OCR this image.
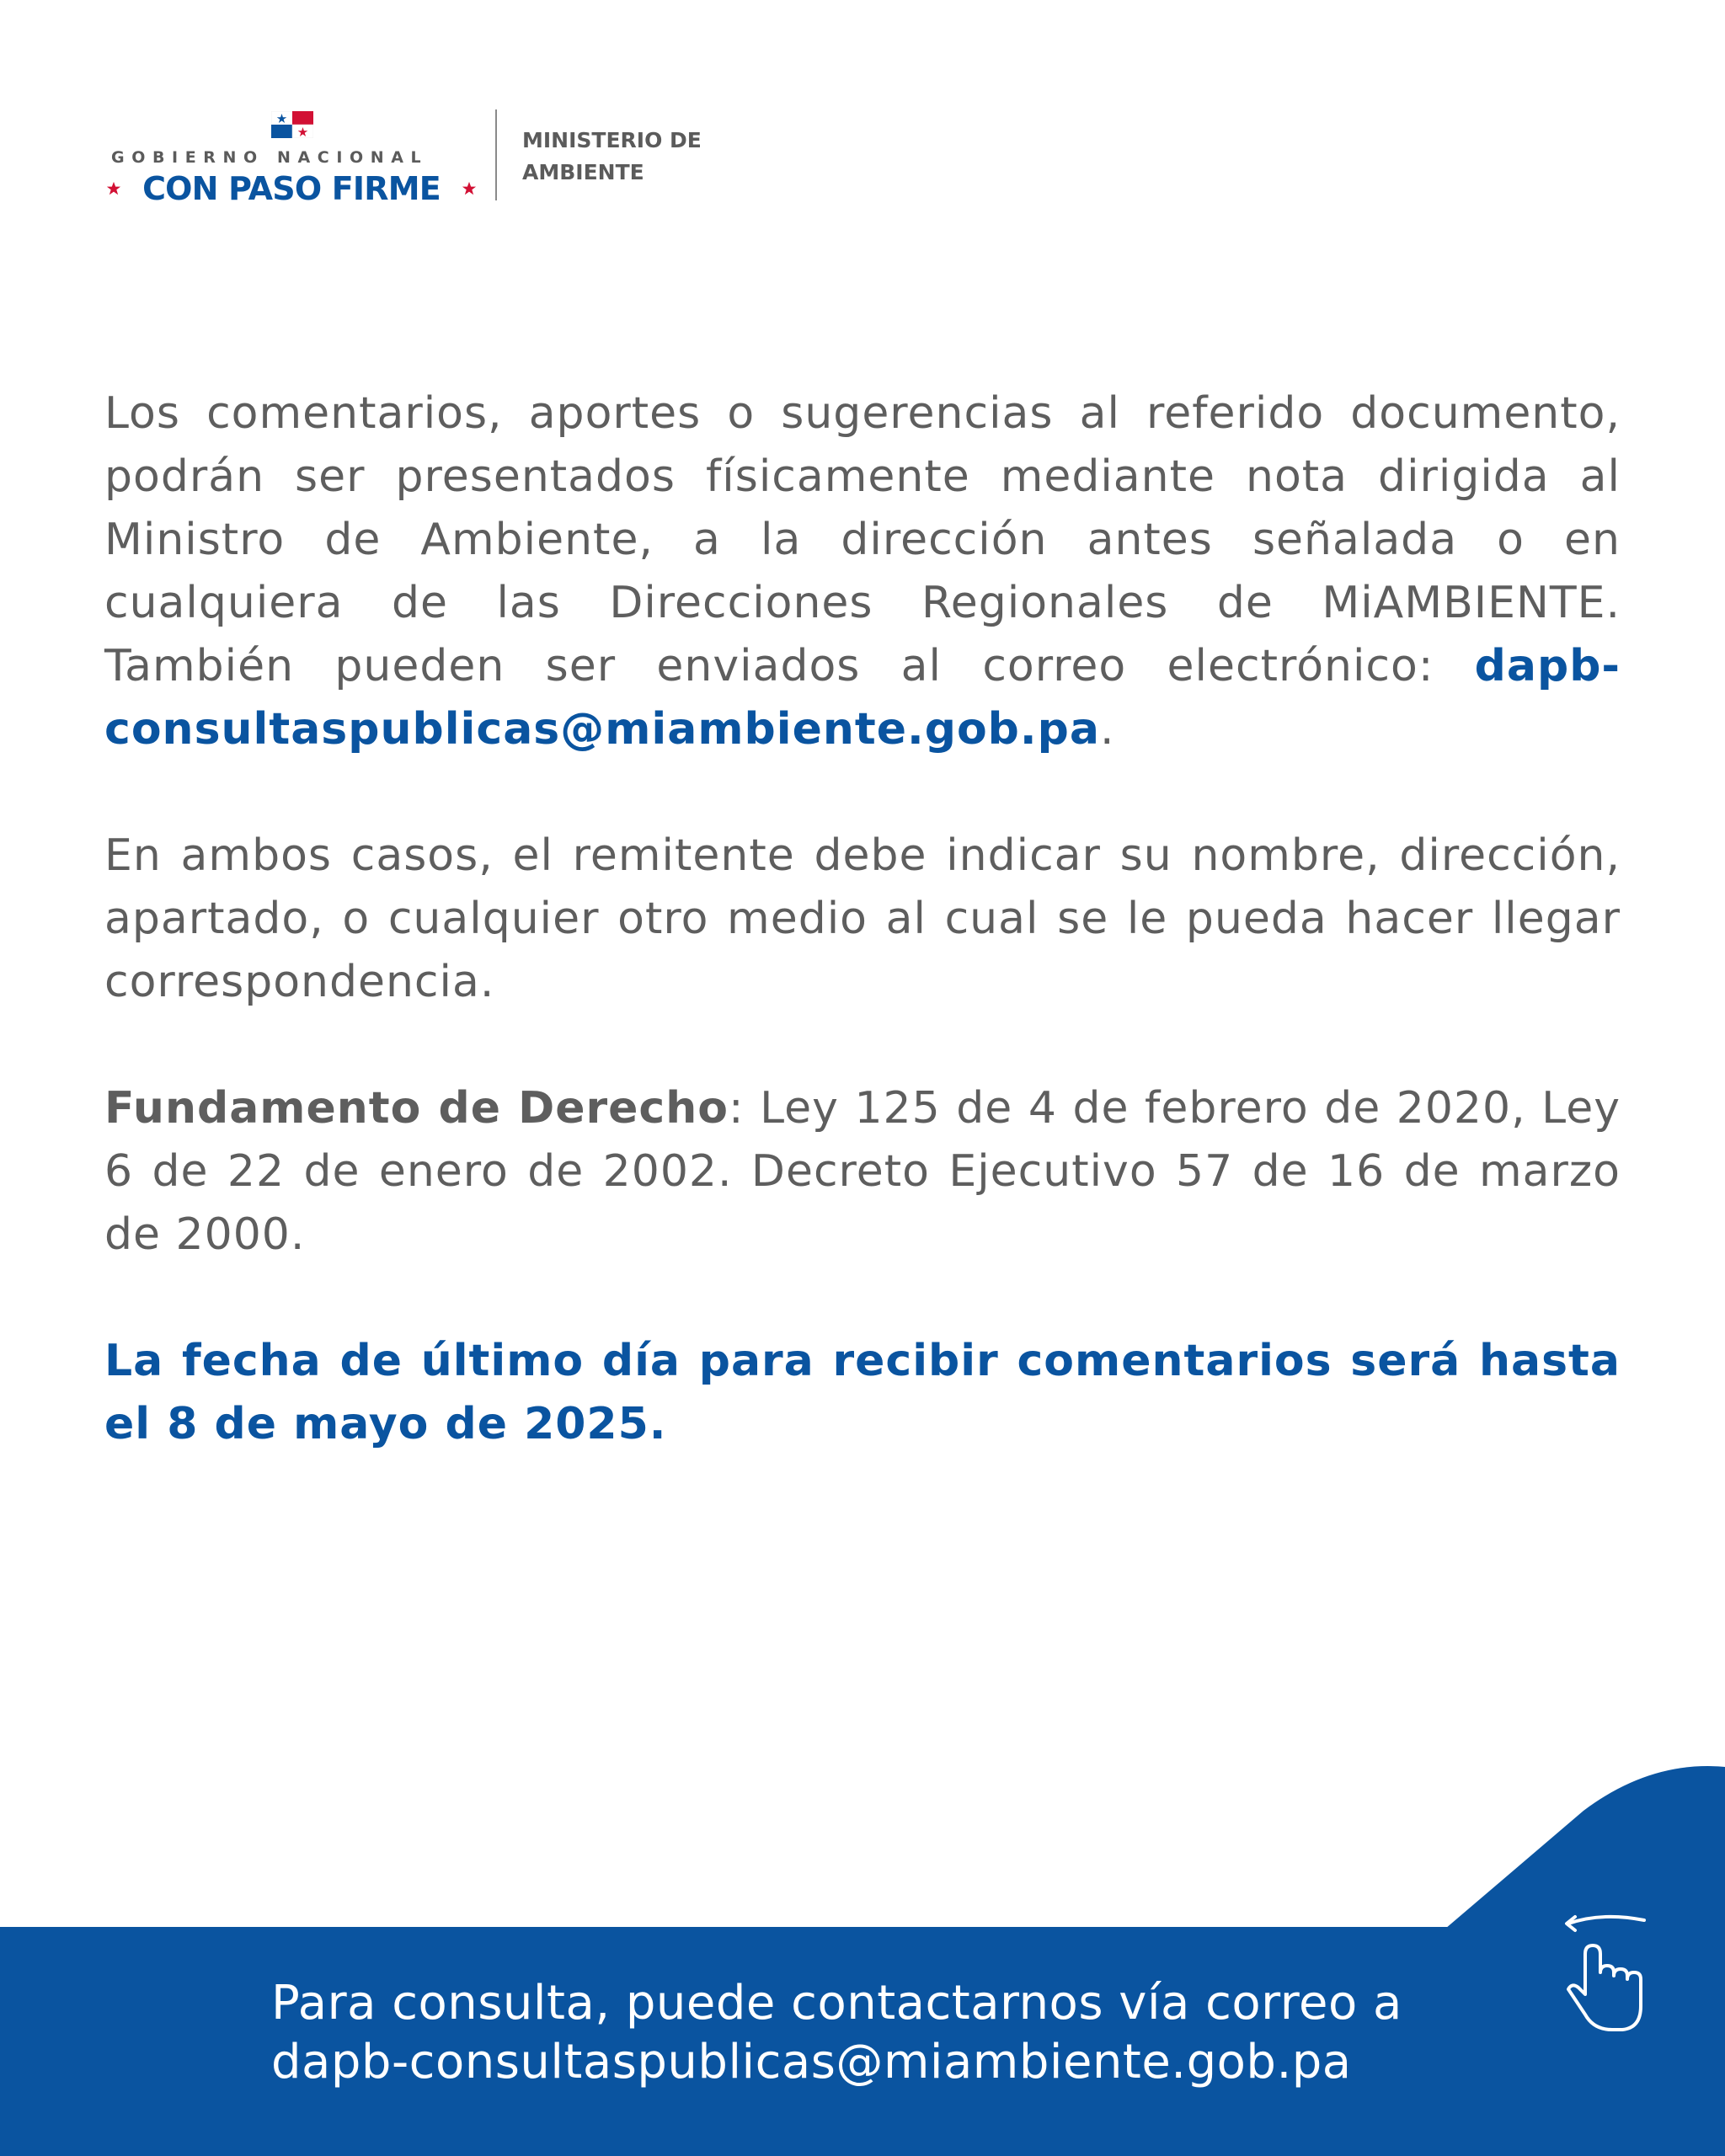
GOBIERNO NACIONAL
CON PASO FIRME
MINISTERIO DE
AMBIENTE

Los comentarios, aportes o sugerencias al referido documento, podrán ser presentados físicamente mediante nota dirigida al Ministro de Ambiente, a la dirección antes señalada o en cualquiera de las Direcciones Regionales de MiAMBIENTE. También pueden ser enviados al correo electrónico: dapb-consultaspublicas@miambiente.gob.pa.

En ambos casos, el remitente debe indicar su nombre, dirección, apartado, o cualquier otro medio al cual se le pueda hacer llegar correspondencia.

Fundamento de Derecho: Ley 125 de 4 de febrero de 2020, Ley 6 de 22 de enero de 2002. Decreto Ejecutivo 57 de 16 de marzo de 2000.

La fecha de último día para recibir comentarios será hasta el 8 de mayo de 2025.

Para consulta, puede contactarnos vía correo a
dapb-consultaspublicas@miambiente.gob.pa
